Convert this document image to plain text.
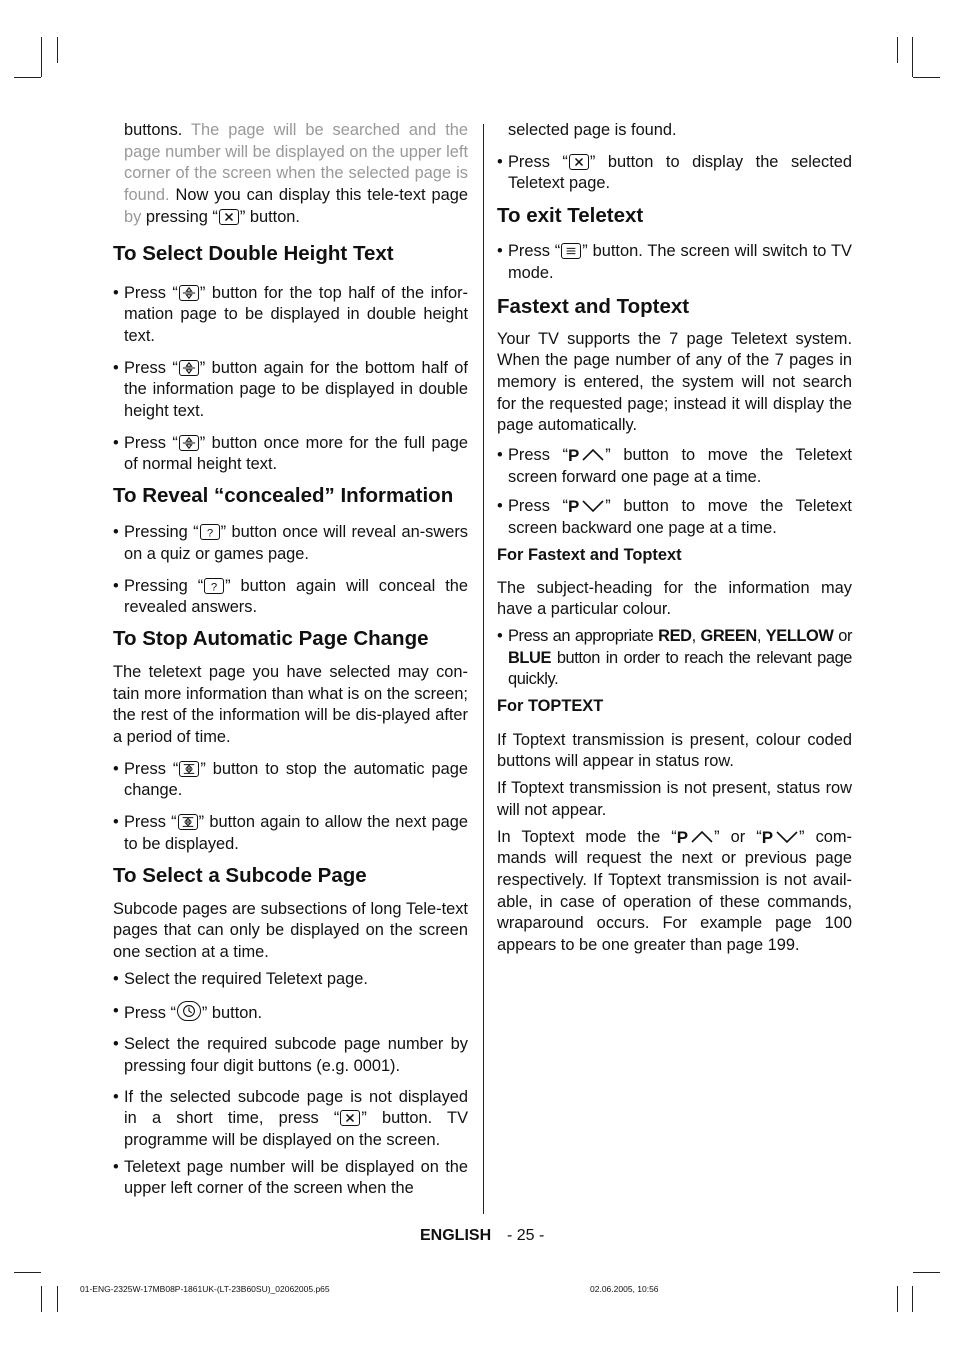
buttons. The page will be searched and the page number will be displayed on the upper left corner of the screen when the selected page is found. Now you can display this tele-text page by pressing “ ” button.

To Select Double Height Text

• Press “ ” button for the top half of the infor-mation page to be displayed in double height text.

• Press “ ” button again for the bottom half of the information page to be displayed in double height text.

• Press “ ” button once more for the full page of normal height text.

To Reveal “concealed” Information

• Pressing “ ? ” button once will reveal an-swers on a quiz or games page.

• Pressing “ ? ” button again will conceal the revealed answers.

To Stop Automatic Page Change

The teletext page you have selected may con-tain more information than what is on the screen; the rest of the information will be dis-played after a period of time.

• Press “ ” button to stop the automatic page change.

• Press “ ” button again to allow the next page to be displayed.

To Select a Subcode Page

Subcode pages are subsections of long Tele-text pages that can only be displayed on the screen one section at a time.

• Select the required Teletext page.

• Press “ ” button.

• Select the required subcode page number by pressing four digit buttons (e.g. 0001).

• If the selected subcode page is not displayed in a short time, press “ ” button. TV programme will be displayed on the screen.

• Teletext page number will be displayed on the upper left corner of the screen when the

selected page is found.

• Press “ ” button to display the selected Teletext page.

To exit Teletext

• Press “ ” button. The screen will switch to TV mode.

Fastext and Toptext

Your TV supports the 7 page Teletext system. When the page number of any of the 7 pages in memory is entered, the system will not search for the requested page; instead it will display the page automatically.

• Press “P ” button to move the Teletext screen forward one page at a time.

• Press “P ” button to move the Teletext screen backward one page at a time.

For Fastext and Toptext

The subject-heading for the information may have a particular colour.

• Press an appropriate RED, GREEN, YELLOW or BLUE button in order to reach the relevant page quickly.

For TOPTEXT

If Toptext transmission is present, colour coded buttons will appear in status row.

If Toptext transmission is not present, status row will not appear.

In Toptext mode the “P ” or “P ” com-mands will request the next or previous page respectively. If Toptext transmission is not avail-able, in case of operation of these commands, wraparound occurs. For example page 100 appears to be one greater than page 199.

ENGLISH - 25 -
01-ENG-2325W-17MB08P-1861UK-(LT-23B60SU)_02062005.p65	02.06.2005, 10:56
